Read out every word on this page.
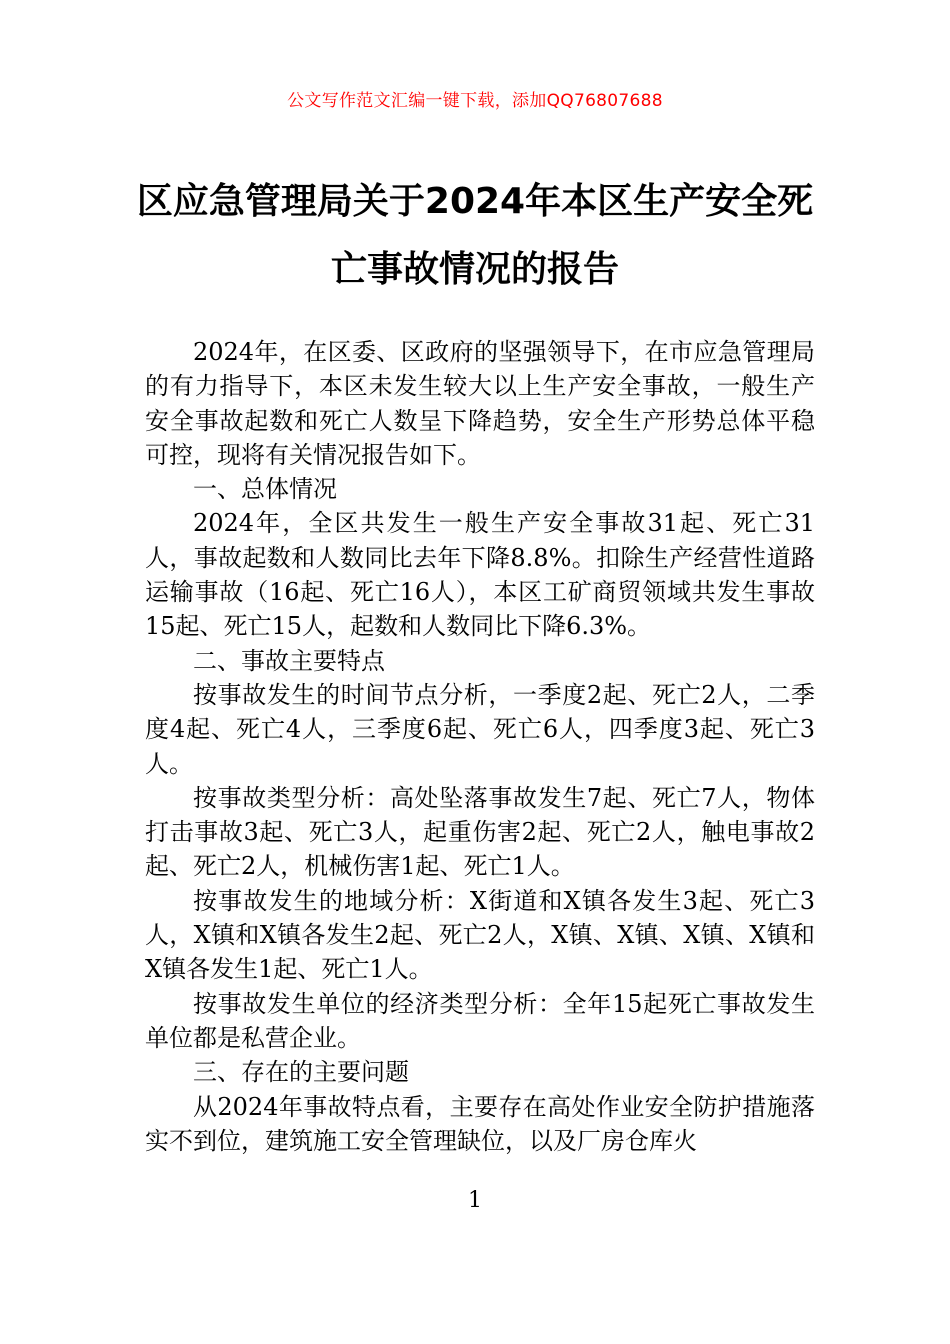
公文写作范文汇编一键下载，添加QQ76807688
区应急管理局关于2024年本区生产安全死
亡事故情况的报告

2024年，在区委、区政府的坚强领导下，在市应急管理局的有力指导下，本区未发生较大以上生产安全事故，一般生产安全事故起数和死亡人数呈下降趋势，安全生产形势总体平稳可控，现将有关情况报告如下。

一、总体情况

2024年，全区共发生一般生产安全事故31起、死亡31人，事故起数和人数同比去年下降8.8%。扣除生产经营性道路运输事故（16起、死亡16人），本区工矿商贸领域共发生事故15起、死亡15人，起数和人数同比下降6.3%。

二、事故主要特点

按事故发生的时间节点分析，一季度2起、死亡2人，二季度4起、死亡4人，三季度6起、死亡6人，四季度3起、死亡3人。

按事故类型分析：高处坠落事故发生7起、死亡7人，物体打击事故3起、死亡3人，起重伤害2起、死亡2人，触电事故2起、死亡2人，机械伤害1起、死亡1人。

按事故发生的地域分析：X街道和X镇各发生3起、死亡3人，X镇和X镇各发生2起、死亡2人，X镇、X镇、X镇、X镇和X镇各发生1起、死亡1人。

按事故发生单位的经济类型分析：全年15起死亡事故发生单位都是私营企业。

三、存在的主要问题

从2024年事故特点看，主要存在高处作业安全防护措施落实不到位，建筑施工安全管理缺位，以及厂房仓库火

1
